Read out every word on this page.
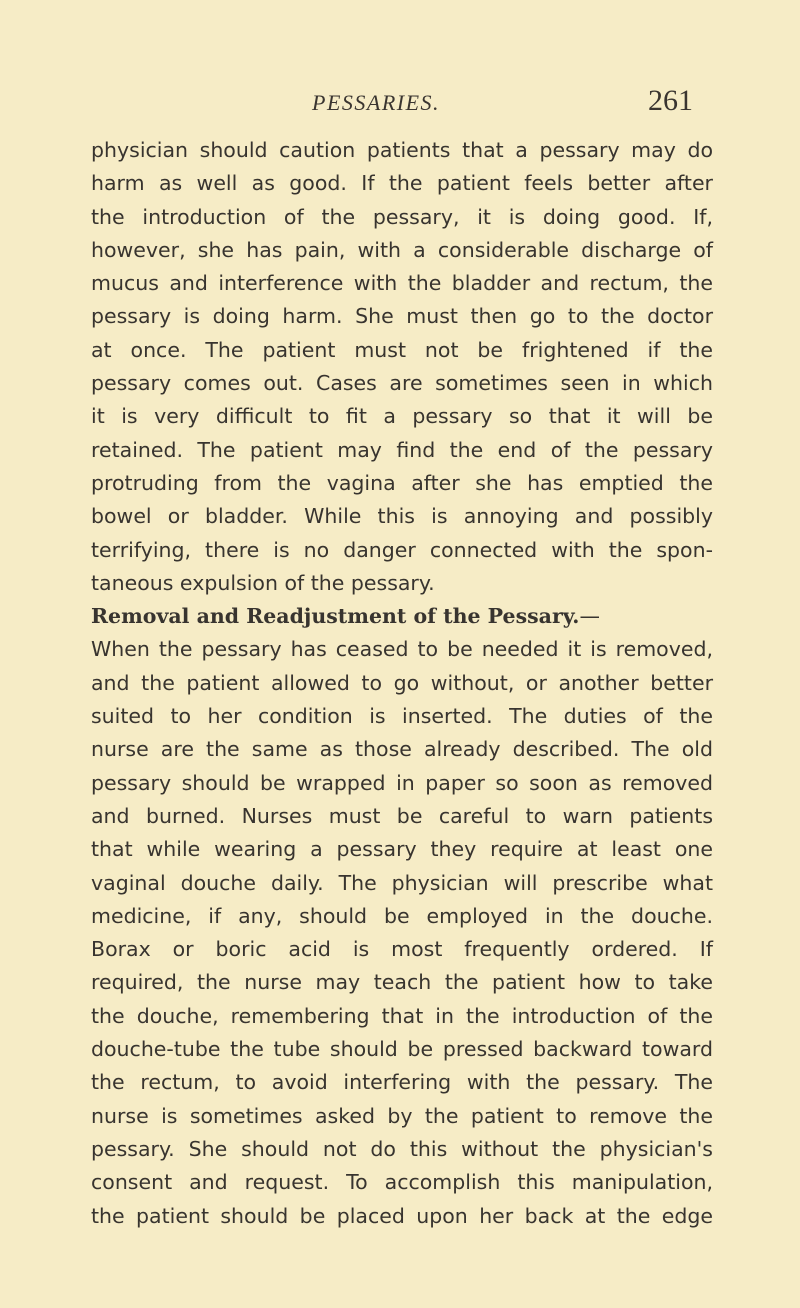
PESSARIES.	261
physician should caution patients that a pessary may do
harm as well as good. If the patient feels better after
the introduction of the pessary, it is doing good. If,
however, she has pain, with a considerable discharge of
mucus and interference with the bladder and rectum, the
pessary is doing harm. She must then go to the doctor
at once. The patient must not be frightened if the
pessary comes out. Cases are sometimes seen in which
it is very difficult to fit a pessary so that it will be
retained. The patient may find the end of the pessary
protruding from the vagina after she has emptied the
bowel or bladder. While this is annoying and possibly
terrifying, there is no danger connected with the spon-
taneous expulsion of the pessary.
Removal and Readjustment of the Pessary.—
When the pessary has ceased to be needed it is removed,
and the patient allowed to go without, or another better
suited to her condition is inserted. The duties of the
nurse are the same as those already described. The old
pessary should be wrapped in paper so soon as removed
and burned. Nurses must be careful to warn patients
that while wearing a pessary they require at least one
vaginal douche daily. The physician will prescribe what
medicine, if any, should be employed in the douche.
Borax or boric acid is most frequently ordered. If
required, the nurse may teach the patient how to take
the douche, remembering that in the introduction of the
douche-tube the tube should be pressed backward toward
the rectum, to avoid interfering with the pessary. The
nurse is sometimes asked by the patient to remove the
pessary. She should not do this without the physician's
consent and request. To accomplish this manipulation,
the patient should be placed upon her back at the edge
